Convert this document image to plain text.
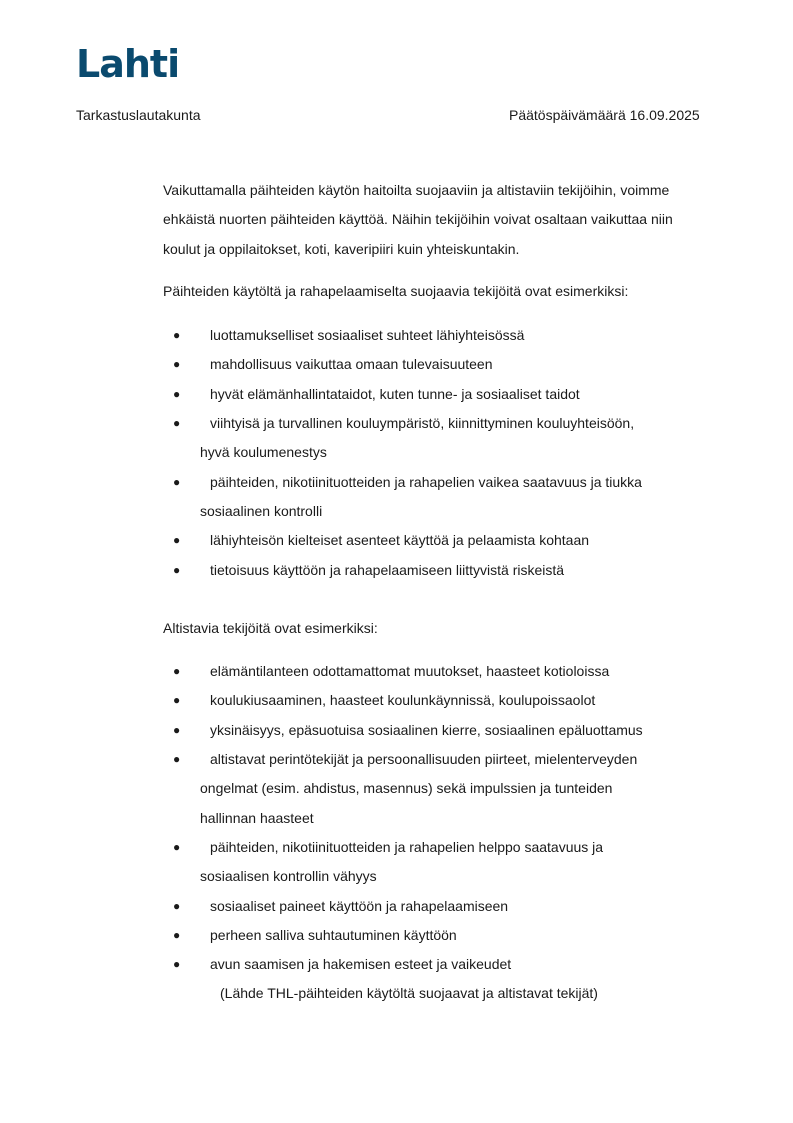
Lahti
Tarkastuslautakunta	Päätöspäivämäärä 16.09.2025

Vaikuttamalla päihteiden käytön haitoilta suojaaviin ja altistaviin tekijöihin, voimme
ehkäistä nuorten päihteiden käyttöä. Näihin tekijöihin voivat osaltaan vaikuttaa niin
koulut ja oppilaitokset, koti, kaveripiiri kuin yhteiskuntakin.

Päihteiden käytöltä ja rahapelaamiselta suojaavia tekijöitä ovat esimerkiksi:

● luottamukselliset sosiaaliset suhteet lähiyhteisössä
● mahdollisuus vaikuttaa omaan tulevaisuuteen
● hyvät elämänhallintataidot, kuten tunne- ja sosiaaliset taidot
● viihtyisä ja turvallinen kouluympäristö, kiinnittyminen kouluyhteisöön,
hyvä koulumenestys
● päihteiden, nikotiinituotteiden ja rahapelien vaikea saatavuus ja tiukka
sosiaalinen kontrolli
● lähiyhteisön kielteiset asenteet käyttöä ja pelaamista kohtaan
● tietoisuus käyttöön ja rahapelaamiseen liittyvistä riskeistä

Altistavia tekijöitä ovat esimerkiksi:

● elämäntilanteen odottamattomat muutokset, haasteet kotioloissa
● koulukiusaaminen, haasteet koulunkäynnissä, koulupoissaolot
● yksinäisyys, epäsuotuisa sosiaalinen kierre, sosiaalinen epäluottamus
● altistavat perintötekijät ja persoonallisuuden piirteet, mielenterveyden
ongelmat (esim. ahdistus, masennus) sekä impulssien ja tunteiden
hallinnan haasteet
● päihteiden, nikotiinituotteiden ja rahapelien helppo saatavuus ja
sosiaalisen kontrollin vähyys
● sosiaaliset paineet käyttöön ja rahapelaamiseen
● perheen salliva suhtautuminen käyttöön
● avun saamisen ja hakemisen esteet ja vaikeudet

(Lähde THL-päihteiden käytöltä suojaavat ja altistavat tekijät)
